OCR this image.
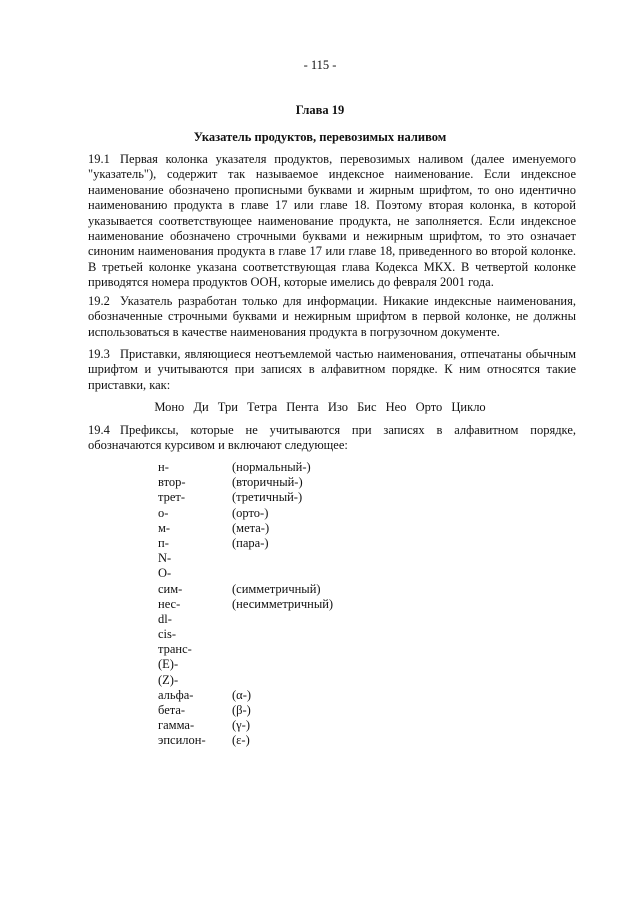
- 115 -
Глава 19
Указатель продуктов, перевозимых наливом

19.1 Первая колонка указателя продуктов, перевозимых наливом (далее именуемого "указатель"), содержит так называемое индексное наименование. Если индексное наименование обозначено прописными буквами и жирным шрифтом, то оно идентично наименованию продукта в главе 17 или главе 18. Поэтому вторая колонка, в которой указывается соответствующее наименование продукта, не заполняется. Если индексное наименование обозначено строчными буквами и нежирным шрифтом, то это означает синоним наименования продукта в главе 17 или главе 18, приведенного во второй колонке. В третьей колонке указана соответствующая глава Кодекса МКХ. В четвертой колонке приводятся номера продуктов ООН, которые имелись до февраля 2001 года.

19.2 Указатель разработан только для информации. Никакие индексные наименования, обозначенные строчными буквами и нежирным шрифтом в первой колонке, не должны использоваться в качестве наименования продукта в погрузочном документе.

19.3 Приставки, являющиеся неотъемлемой частью наименования, отпечатаны обычным шрифтом и учитываются при записях в алфавитном порядке. К ним относятся такие приставки, как:

Моно Ди Три Тетра Пента Изо Бис Нео Орто Цикло

19.4 Префиксы, которые не учитываются при записях в алфавитном порядке, обозначаются курсивом и включают следующее:

н-	(нормальный-)
втор-	(вторичный-)
трет-	(третичный-)
о-	(орто-)
м-	(мета-)
п-	(пара-)
N-
O-
сим-	(симметричный)
нес-	(несимметричный)
dl-
cis-
транс-
(E)-
(Z)-
альфа-	(α-)
бета-	(β-)
гамма-	(γ-)
эпсилон-	(ε-)
